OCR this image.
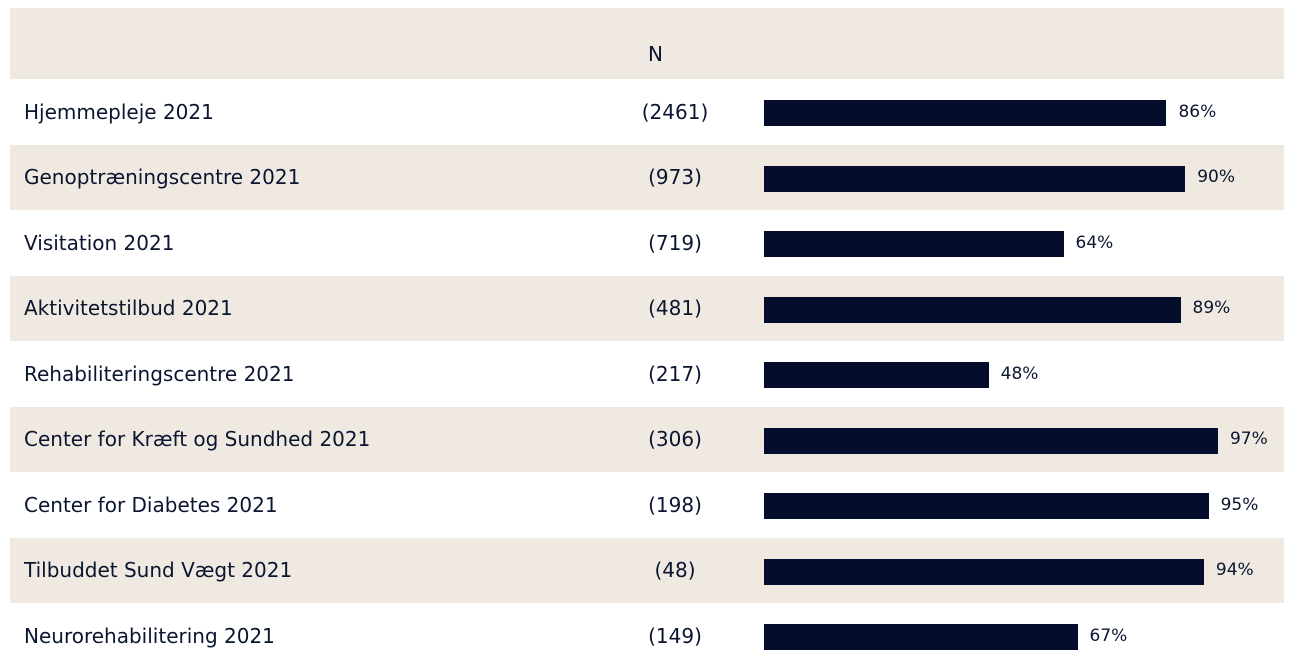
N
Hjemmepleje 2021	(2461)	86%
Genoptræningscentre 2021	(973)	90%
Visitation 2021	(719)	64%
Aktivitetstilbud 2021	(481)	89%
Rehabiliteringscentre 2021	(217)	48%
Center for Kræft og Sundhed 2021	(306)	97%
Center for Diabetes 2021	(198)	95%
Tilbuddet Sund Vægt 2021	(48)	94%
Neurorehabilitering 2021	(149)	67%
